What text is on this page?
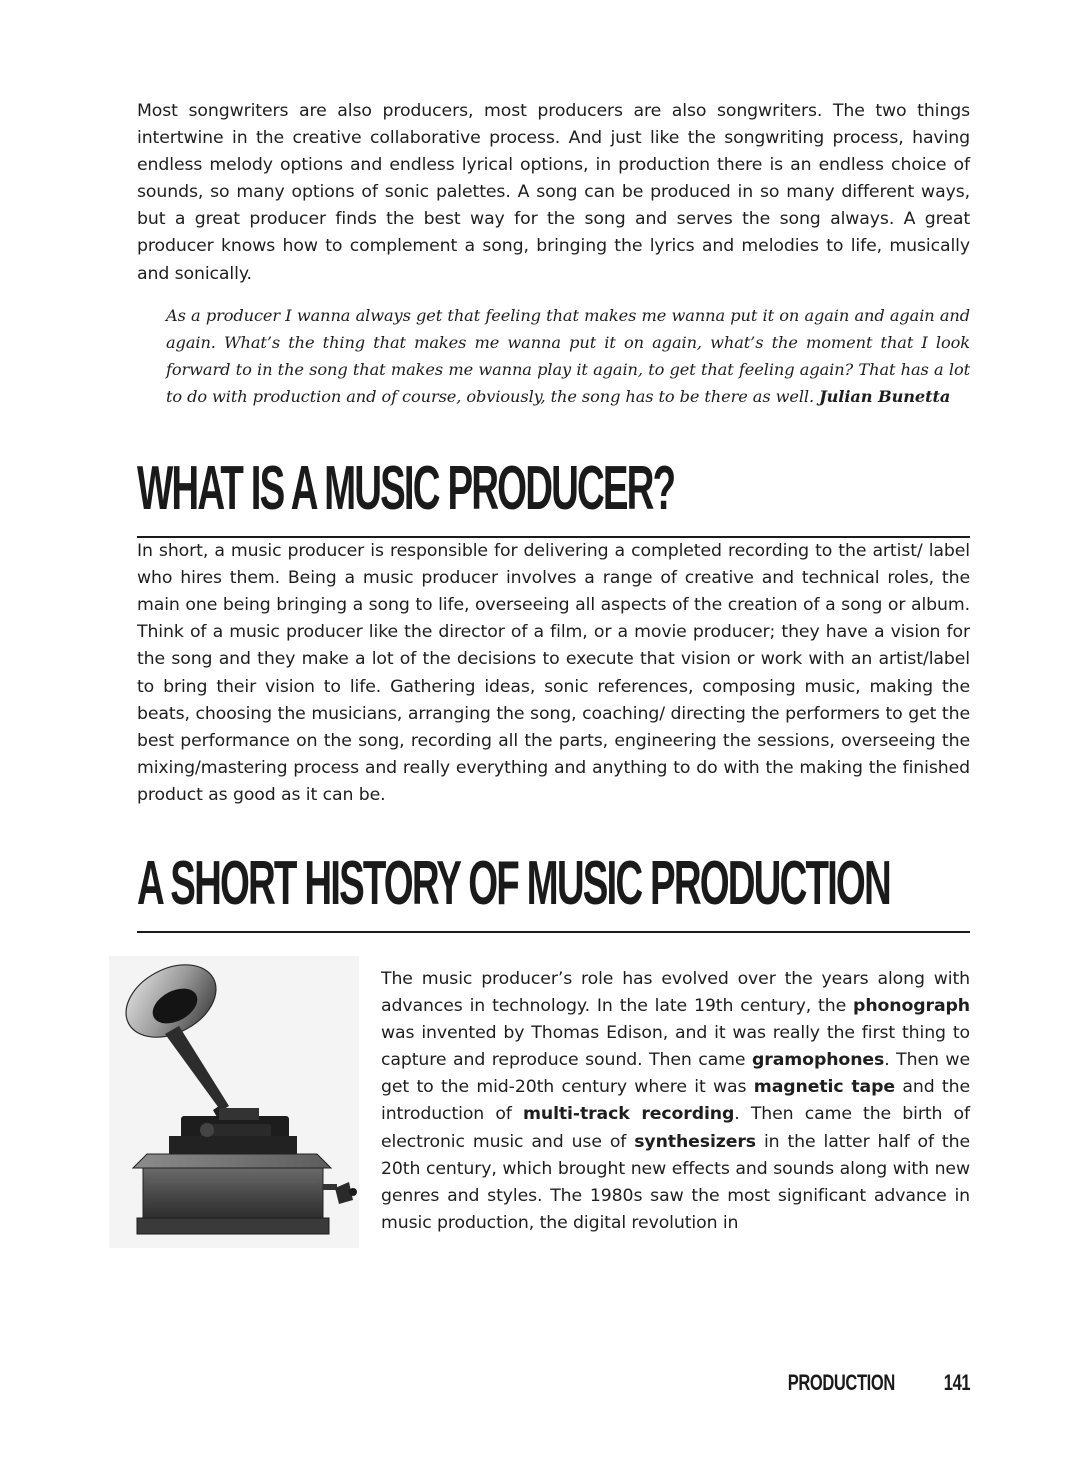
Most songwriters are also producers, most producers are also songwriters. The two things intertwine in the creative collaborative process. And just like the songwriting process, having endless melody options and endless lyrical options, in production there is an endless choice of sounds, so many options of sonic palettes. A song can be produced in so many different ways, but a great producer finds the best way for the song and serves the song always. A great producer knows how to complement a song, bringing the lyrics and melodies to life, musically and sonically.

As a producer I wanna always get that feeling that makes me wanna put it on again and again and again. What’s the thing that makes me wanna put it on again, what’s the moment that I look forward to in the song that makes me wanna play it again, to get that feeling again? That has a lot to do with production and of course, obviously, the song has to be there as well. Julian Bunetta
WHAT IS A MUSIC PRODUCER?

In short, a music producer is responsible for delivering a completed recording to the artist/ label who hires them. Being a music producer involves a range of creative and technical roles, the main one being bringing a song to life, overseeing all aspects of the creation of a song or album. Think of a music producer like the director of a film, or a movie producer; they have a vision for the song and they make a lot of the decisions to execute that vision or work with an artist/label to bring their vision to life. Gathering ideas, sonic references, composing music, making the beats, choosing the musicians, arranging the song, coaching/ directing the performers to get the best performance on the song, recording all the parts, engineering the sessions, overseeing the mixing/mastering process and really everything and anything to do with the making the finished product as good as it can be.

A SHORT HISTORY OF MUSIC PRODUCTION

The music producer’s role has evolved over the years along with advances in technology. In the late 19th century, the phonograph was invented by Thomas Edison, and it was really the first thing to capture and reproduce sound. Then came gramophones. Then we get to the mid-20th century where it was magnetic tape and the introduction of multi-track recording. Then came the birth of electronic music and use of synthesizers in the latter half of the 20th century, which brought new effects and sounds along with new genres and styles. The 1980s saw the most significant advance in music production, the digital revolution in

PRODUCTION 141
